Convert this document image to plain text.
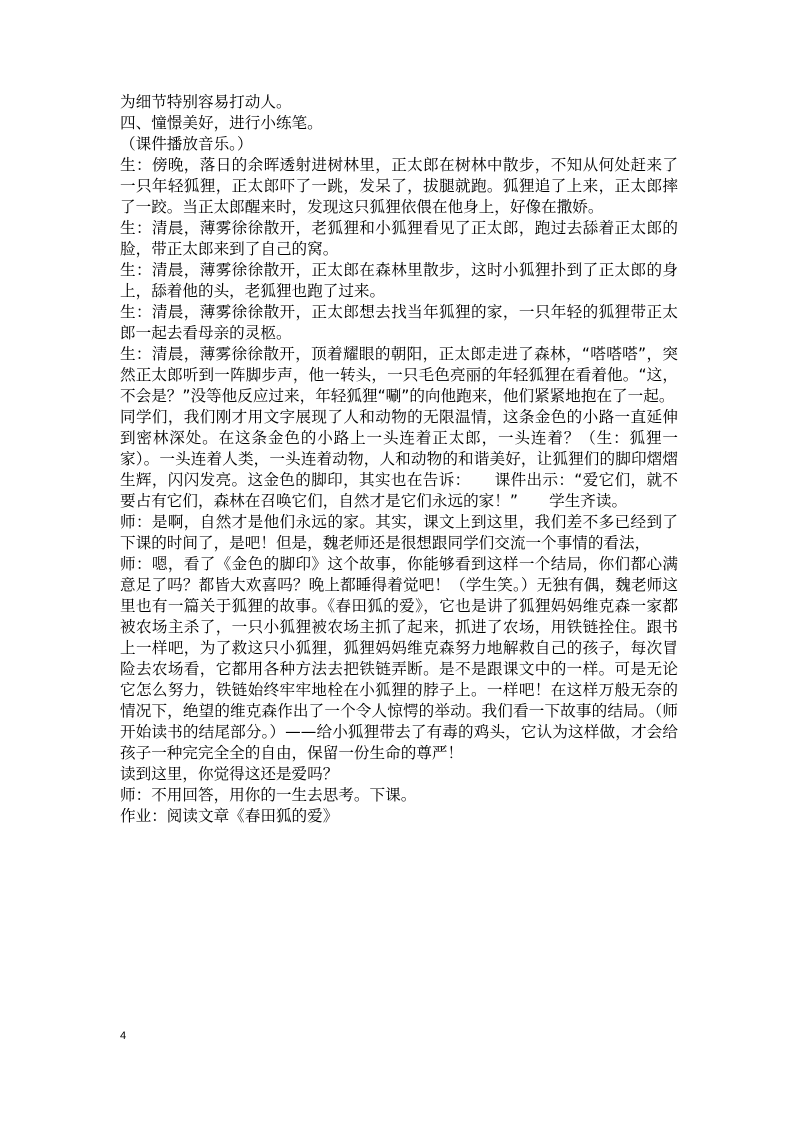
为细节特别容易打动人。

四、憧憬美好，进行小练笔。

（课件播放音乐。）

生：傍晚，落日的余晖透射进树林里，正太郎在树林中散步，不知从何处赶来了一只年轻狐狸，正太郎吓了一跳，发呆了，拔腿就跑。狐狸追了上来，正太郎摔了一跤。当正太郎醒来时，发现这只狐狸依偎在他身上，好像在撒娇。

生：清晨，薄雾徐徐散开，老狐狸和小狐狸看见了正太郎，跑过去舔着正太郎的脸，带正太郎来到了自己的窝。

生：清晨，薄雾徐徐散开，正太郎在森林里散步，这时小狐狸扑到了正太郎的身上，舔着他的头，老狐狸也跑了过来。

生：清晨，薄雾徐徐散开，正太郎想去找当年狐狸的家，一只年轻的狐狸带正太郎一起去看母亲的灵柩。

生：清晨，薄雾徐徐散开，顶着耀眼的朝阳，正太郎走进了森林，“嗒嗒嗒”，突然正太郎听到一阵脚步声，他一转头，一只毛色亮丽的年轻狐狸在看着他。“这，不会是？”没等他反应过来，年轻狐狸“唰”的向他跑来，他们紧紧地抱在了一起。

同学们，我们刚才用文字展现了人和动物的无限温情，这条金色的小路一直延伸到密林深处。在这条金色的小路上一头连着正太郎，一头连着？（生：狐狸一家）。一头连着人类，一头连着动物，人和动物的和谐美好，让狐狸们的脚印熠熠生辉，闪闪发亮。这金色的脚印，其实也在告诉：　　课件出示：“爱它们，就不要占有它们，森林在召唤它们，自然才是它们永远的家！”　　学生齐读。

师：是啊，自然才是他们永远的家。其实，课文上到这里，我们差不多已经到了下课的时间了，是吧！但是，魏老师还是很想跟同学们交流一个事情的看法，

师：嗯，看了《金色的脚印》这个故事，你能够看到这样一个结局，你们都心满意足了吗？都皆大欢喜吗？晚上都睡得着觉吧！（学生笑。）无独有偶，魏老师这里也有一篇关于狐狸的故事。《春田狐的爱》，它也是讲了狐狸妈妈维克森一家都被农场主杀了，一只小狐狸被农场主抓了起来，抓进了农场，用铁链拴住。跟书上一样吧，为了救这只小狐狸，狐狸妈妈维克森努力地解救自己的孩子，每次冒险去农场看，它都用各种方法去把铁链弄断。是不是跟课文中的一样。可是无论它怎么努力，铁链始终牢牢地栓在小狐狸的脖子上。一样吧！在这样万般无奈的情况下，绝望的维克森作出了一个令人惊愕的举动。我们看一下故事的结局。（师开始读书的结尾部分。）——给小狐狸带去了有毒的鸡头，它认为这样做，才会给孩子一种完完全全的自由，保留一份生命的尊严！

读到这里，你觉得这还是爱吗？

师：不用回答，用你的一生去思考。下课。

作业：阅读文章《春田狐的爱》

4
